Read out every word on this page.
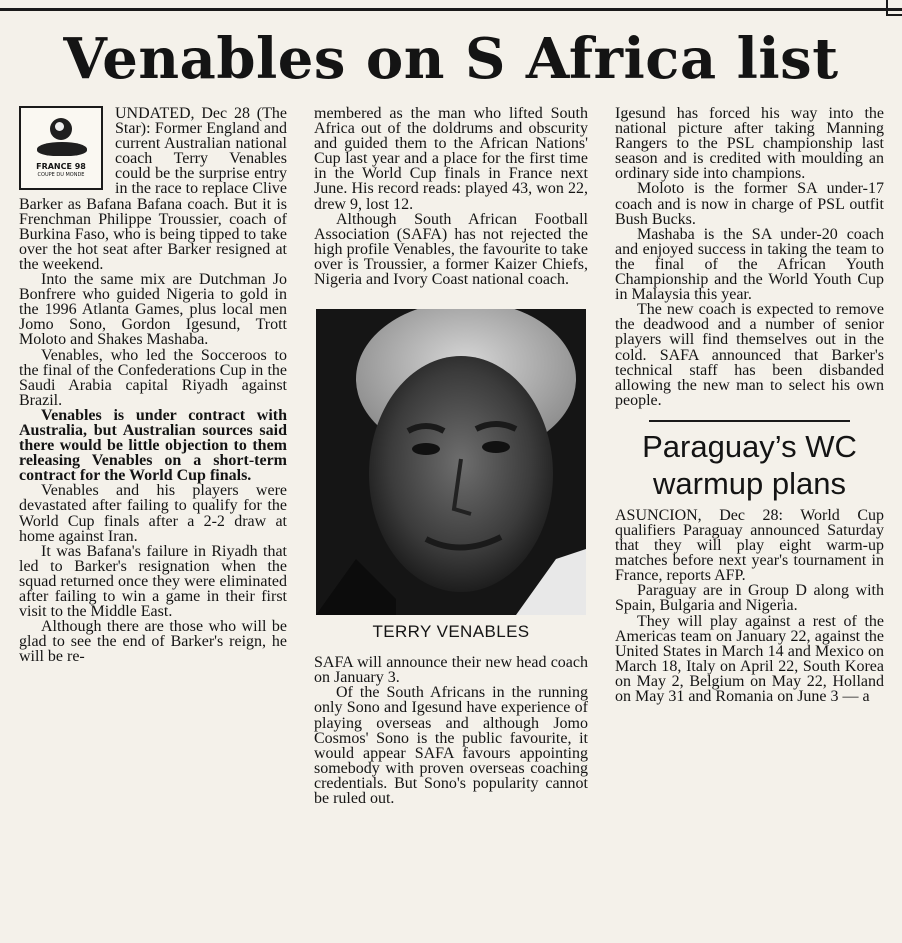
Venables on S Africa list
FRANCE 98
COUPE DU MONDE

UNDATED, Dec 28 (The Star): Former England and current Australian national coach Terry Venables could be the surprise entry in the race to replace Clive Barker as Bafana Bafana coach. But it is Frenchman Philippe Troussier, coach of Burkina Faso, who is being tipped to take over the hot seat after Barker resigned at the weekend.

Into the same mix are Dutchman Jo Bonfrere who guided Nigeria to gold in the 1996 Atlanta Games, plus local men Jomo Sono, Gordon Igesund, Trott Moloto and Shakes Mashaba.

Venables, who led the Socceroos to the final of the Confederations Cup in the Saudi Arabia capital Riyadh against Brazil.

Venables is under contract with Australia, but Australian sources said there would be little objection to them releasing Venables on a short-term contract for the World Cup finals.

Venables and his players were devastated after failing to qualify for the World Cup finals after a 2-2 draw at home against Iran.

It was Bafana's failure in Riyadh that led to Barker's resignation when the squad returned once they were eliminated after failing to win a game in their first visit to the Middle East.

Although there are those who will be glad to see the end of Barker's reign, he will be re-

membered as the man who lifted South Africa out of the doldrums and obscurity and guided them to the African Nations' Cup last year and a place for the first time in the World Cup finals in France next June. His record reads: played 43, won 22, drew 9, lost 12.

Although South African Football Association (SAFA) has not rejected the high profile Venables, the favourite to take over is Troussier, a former Kaizer Chiefs, Nigeria and Ivory Coast national coach.

TERRY VENABLES

SAFA will announce their new head coach on January 3.

Of the South Africans in the running only Sono and Igesund have experience of playing overseas and although Jomo Cosmos' Sono is the public favourite, it would appear SAFA favours appointing somebody with proven overseas coaching credentials. But Sono's popularity cannot be ruled out.

Igesund has forced his way into the national picture after taking Manning Rangers to the PSL championship last season and is credited with moulding an ordinary side into champions.

Moloto is the former SA under-17 coach and is now in charge of PSL outfit Bush Bucks.

Mashaba is the SA under-20 coach and enjoyed success in taking the team to the final of the African Youth Championship and the World Youth Cup in Malaysia this year.

The new coach is expected to remove the deadwood and a number of senior players will find themselves out in the cold. SAFA announced that Barker's technical staff has been disbanded allowing the new man to select his own people.

Paraguay’s WC warmup plans

ASUNCION, Dec 28: World Cup qualifiers Paraguay announced Saturday that they will play eight warm-up matches before next year's tournament in France, reports AFP.

Paraguay are in Group D along with Spain, Bulgaria and Nigeria.

They will play against a rest of the Americas team on January 22, against the United States in March 14 and Mexico on March 18, Italy on April 22, South Korea on May 2, Belgium on May 22, Holland on May 31 and Romania on June 3 — a
